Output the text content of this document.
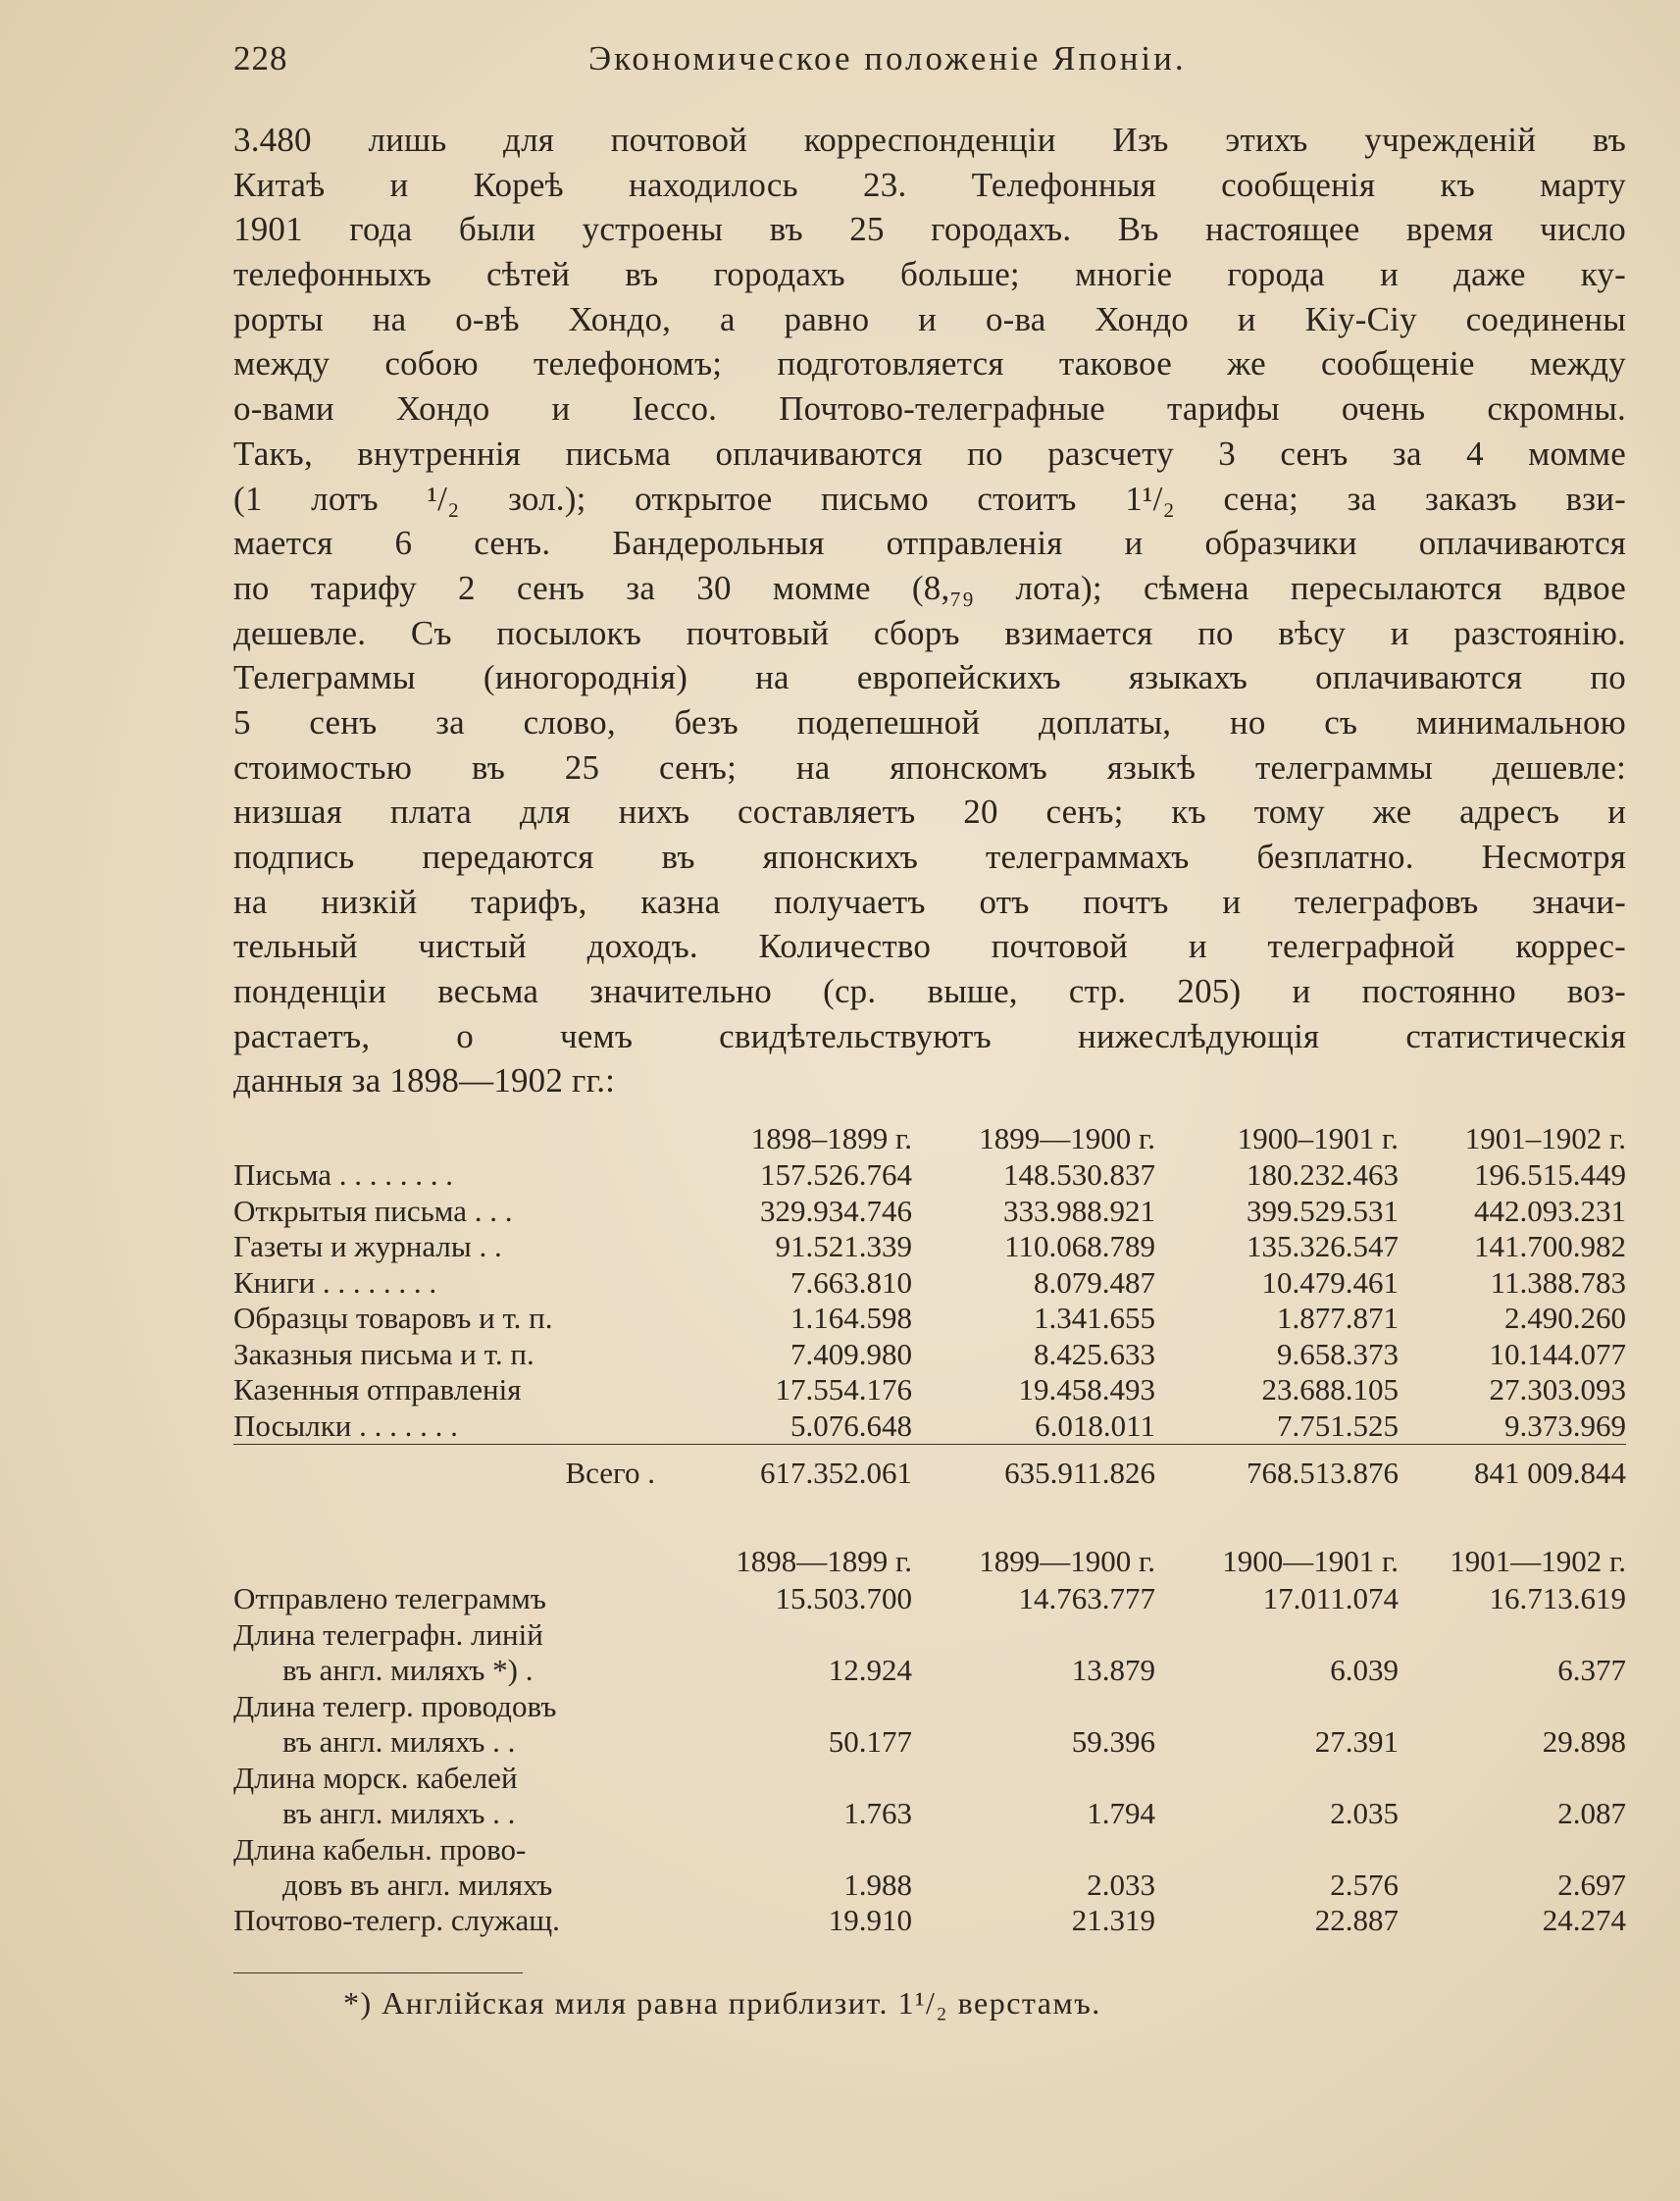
228	Экономическое положеніе Японіи.
3.480 лишь для почтовой корреспонденціи Изъ этихъ учрежденій въ
Китаѣ и Кореѣ находилось 23. Телефонныя сообщенія къ марту
1901 года были устроены въ 25 городахъ. Въ настоящее время число
телефонныхъ сѣтей въ городахъ больше; многіе города и даже ку-
рорты на о-вѣ Хондо, а равно и о-ва Хондо и Кіу-Сіу соединены
между собою телефономъ; подготовляется таковое же сообщеніе между
о-вами Хондо и Іессо. Почтово-телеграфные тарифы очень скромны.
Такъ, внутреннія письма оплачиваются по разсчету 3 сенъ за 4 момме
(1 лотъ ¹/₂ зол.); открытое письмо стоитъ 1¹/₂ сена; за заказъ взи-
мается 6 сенъ. Бандерольныя отправленія и образчики оплачиваются
по тарифу 2 сенъ за 30 момме (8,₇₉ лота); сѣмена пересылаются вдвое
дешевле. Съ посылокъ почтовый сборъ взимается по вѣсу и разстоянію.
Телеграммы (иногороднія) на европейскихъ языкахъ оплачиваются по
5 сенъ за слово, безъ подепешной доплаты, но съ минимальною
стоимостью въ 25 сенъ; на японскомъ языкѣ телеграммы дешевле:
низшая плата для нихъ составляетъ 20 сенъ; къ тому же адресъ и
подпись передаются въ японскихъ телеграммахъ безплатно. Несмотря
на низкій тарифъ, казна получаетъ отъ почтъ и телеграфовъ значи-
тельный чистый доходъ. Количество почтовой и телеграфной коррес-
понденціи весьма значительно (ср. выше, стр. 205) и постоянно воз-
растаетъ, о чемъ свидѣтельствуютъ нижеслѣдующія статистическія
данныя за 1898—1902 гг.:
	1898–1899 г.	1899—1900 г.	1900–1901 г.	1901–1902 г.
Письма . . . . . . . .	157.526.764	148.530.837	180.232.463	196.515.449
Открытыя письма . . .	329.934.746	333.988.921	399.529.531	442.093.231
Газеты и журналы . .	91.521.339	110.068.789	135.326.547	141.700.982
Книги . . . . . . . .	7.663.810	8.079.487	10.479.461	11.388.783
Образцы товаровъ и т. п.	1.164.598	1.341.655	1.877.871	2.490.260
Заказныя письма и т. п.	7.409.980	8.425.633	9.658.373	10.144.077
Казенныя отправленія	17.554.176	19.458.493	23.688.105	27.303.093
Посылки . . . . . . .	5.076.648	6.018.011	7.751.525	9.373.969
Всего .	617.352.061	635.911.826	768.513.876	841 009.844
	1898—1899 г.	1899—1900 г.	1900—1901 г.	1901—1902 г.
Отправлено телеграммъ	15.503.700	14.763.777	17.011.074	16.713.619

Длина телеграфн. линій
въ англ. миляхъ *) .	12.924	13.879	6.039	6.377

Длина телегр. проводовъ
въ англ. миляхъ . .	50.177	59.396	27.391	29.898

Длина морск. кабелей
въ англ. миляхъ . .	1.763	1.794	2.035	2.087

Длина кабельн. прово-
довъ въ англ. миляхъ	1.988	2.033	2.576	2.697
Почтово-телегр. служащ.	19.910	21.319	22.887	24.274
*) Англійская миля равна приблизит. 1¹/₂ верстамъ.
